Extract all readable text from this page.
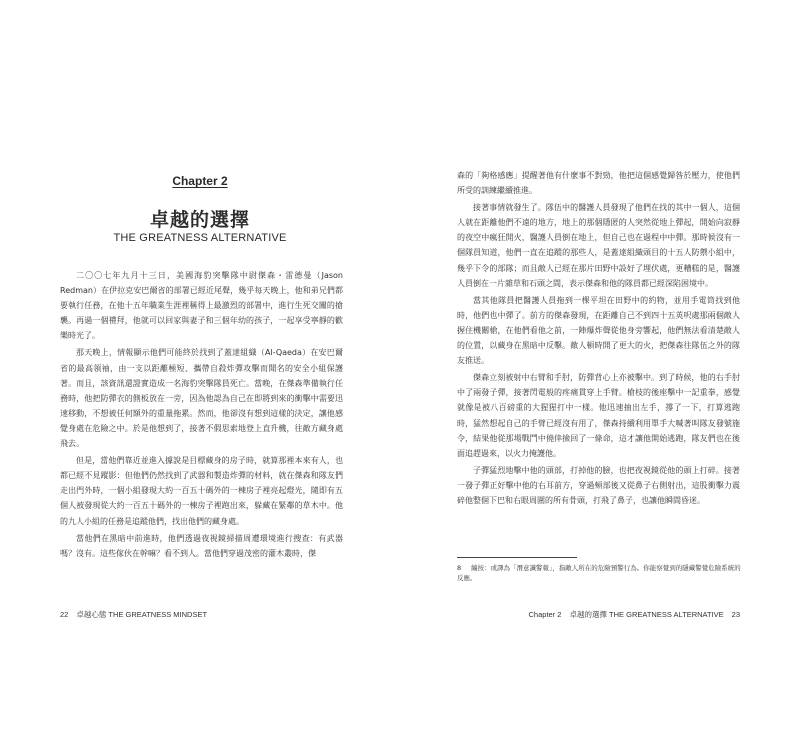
Chapter 2
卓越的選擇
THE GREATNESS ALTERNATIVE

二〇〇七年九月十三日，美國海豹突擊隊中尉傑森・雷德曼（Jason Redman）在伊拉克安巴爾省的部署已經近尾聲，幾乎每天晚上，他和弟兄們都要執行任務，在他十五年職業生涯裡稱得上最激烈的部署中，進行生死交關的搶襲。再過一個禮拜，他就可以回家與妻子和三個年幼的孩子，一起享受寧靜的歡樂時光了。

那天晚上，情報顯示他們可能終於找到了蓋達組織（Al-Qaeda）在安巴爾省的最高領袖，由一支以距離極短、攜帶自殺炸彈攻擊而聞名的安全小組保護著。而且，該資訊還證實造成一名海豹突擊隊員死亡。當晚，在傑森準備執行任務時，他把防彈衣的側板放在一旁，因為他認為自己在即將到來的衝擊中需要迅速移動，不想被任何額外的重量拖累。然而，他卻沒有想到這樣的決定，讓他感覺身處在危險之中。於是他想到了，接著不假思索地登上直升機，往敵方藏身處飛去。

但是，當他們靠近並進入據說是目標藏身的房子時，就算那裡本來有人，也都已經不見蹤影：但他們仍然找到了武器和製造炸彈的材料，就在傑森和隊友們走出門外時，一個小組發現大約一百五十碼外的一棟房子裡亮起燈光，隨即有五個人被發現從大約一百五十碼外的一棟房子裡跑出來，躲藏在緊鄰的草木中。他的九人小組的任務是追蹤他們，找出他們的藏身處。

當他們在黑暗中前進時，他們透過夜視鏡掃描周遭環境進行搜查：有武器嗎？沒有。這些傢伙在幹嘛？看不到人。當他們穿過茂密的灌木叢時，傑

22 卓越心態 THE GREATNESS MINDSET

森的「夠格感應」提醒著他有什麼事不對勁，他把這個感覺歸咎於壓力，使他們所受的訓練繼續推進。

接著事情就發生了。隊伍中的醫護人員發現了他們在找的其中一個人，這個人就在距離他們不遠的地方，地上的那個隱匿的人突然從地上彈起，開始向寂靜的夜空中瘋狂開火，醫護人員倒在地上，但自己也在過程中中彈。那時候沒有一個隊員知道，他們一直在追蹤的那些人，是蓋達組織頭目的十五人防禦小組中，幾乎下令的部隊；而且敵人已經在那片田野中設好了埋伏處，更糟糕的是，醫護人員倒在一片雜草和石頭之間，表示傑森和他的隊員都已經深陷困境中。

當其他隊員把醫護人員拖到一棵平坦在田野中的約物，並用手電筒找到他時，他們也中彈了。前方的傑森發現，在距離自己不到四十五英呎處那兩個敵人握住機關槍，在他們看他之前，一陣爆炸聲從他身旁響起，他們無法看清楚敵人的位置，以藏身在黑暗中反擊。敵人頓時開了更大的火，把傑森往隊伍之外的隊友推送。

傑森立刻被射中右臂和手肘，防彈背心上亦被擊中。到了時候，他的右手肘中了兩發子彈，接著閃電般的疼痛貫穿上手臂。槍枝的後座擊中一記重拳，感覺就像是被八百磅重的大猩猩打中一樣。他迅速抽出左手，撐了一下，打算逃跑時，猛然想起自己的手臂已經沒有用了，傑森持續利用單手大喊著叫隊友發號施令，結果他從那場戰鬥中僥倖撿回了一條命，這才讓他開始逃跑，隊友們也在後面追趕過來，以火力掩護他。

子彈猛烈地擊中他的頭部，打掉他的臉，也把夜視鏡從他的頭上打碎。接著一發子彈正好擊中他的右耳前方，穿過頰部後又從鼻子右側射出，這股衝擊力震碎他整個下巴和右眼周圍的所有骨頭，打飛了鼻子，也讓他瞬間昏迷。

8 編按：或譯為「潛意識警報」，指敵人所在的危險預警行為。你能察覺到的隱藏警覺危險系統的反應。
Chapter 2 卓越的選擇 THE GREATNESS ALTERNATIVE 23
